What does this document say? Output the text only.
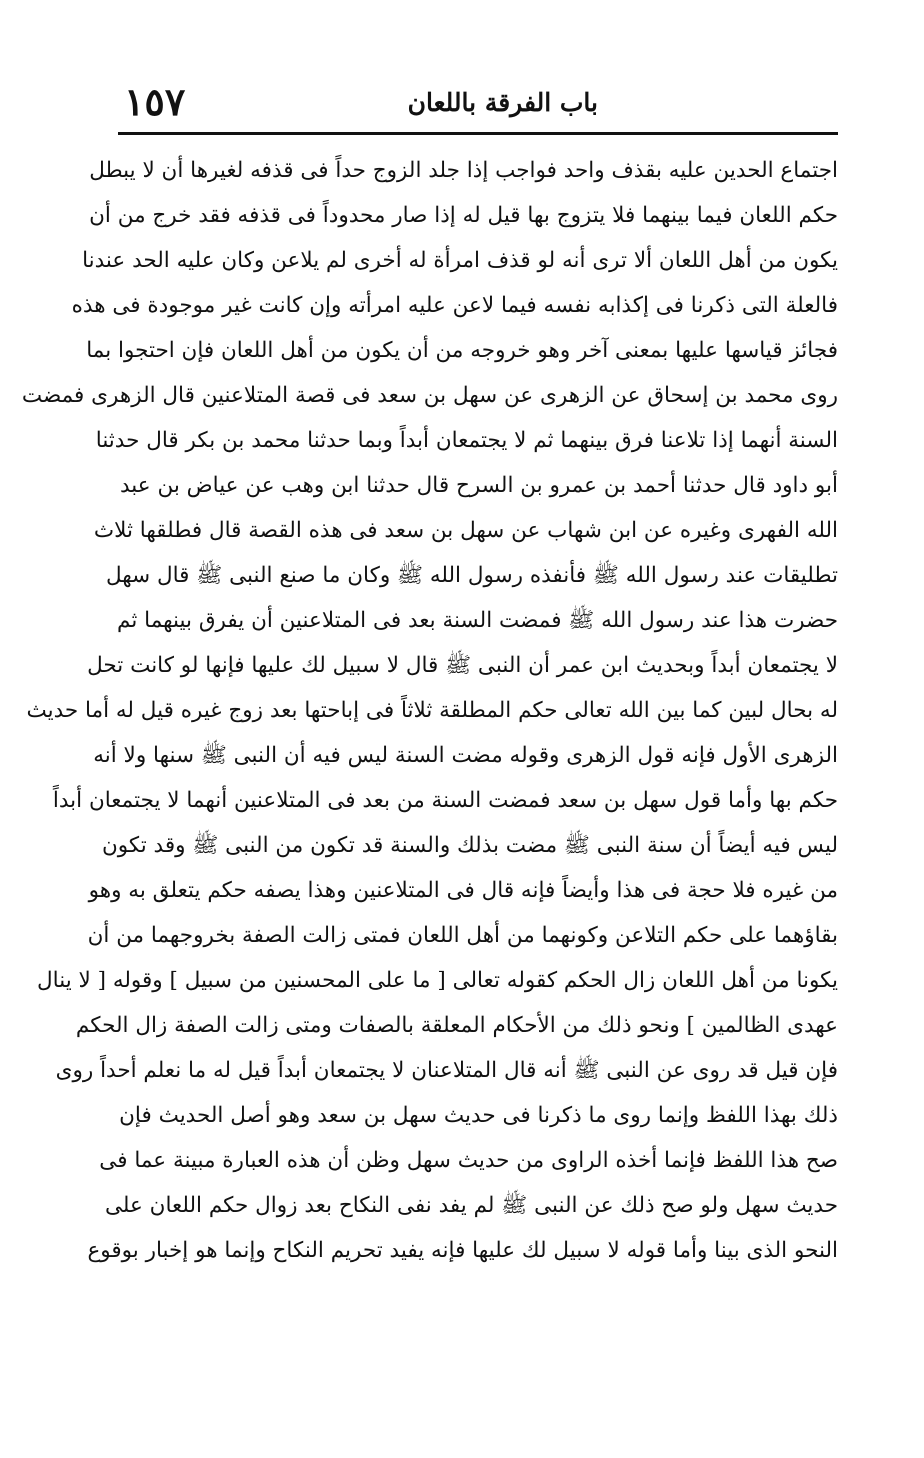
باب الفرقة باللعان
١٥٧
اجتماع الحدين عليه بقذف واحد فواجب إذا جلد الزوج حداً فى قذفه لغيرها أن لا يبطل
حكم اللعان فيما بينهما فلا يتزوج بها قيل له إذا صار محدوداً فى قذفه فقد خرج من أن
يكون من أهل اللعان ألا ترى أنه لو قذف امرأة له أخرى لم يلاعن وكان عليه الحد عندنا
فالعلة التى ذكرنا فى إكذابه نفسه فيما لاعن عليه امرأته وإن كانت غير موجودة فى هذه
فجائز قياسها عليها بمعنى آخر وهو خروجه من أن يكون من أهل اللعان فإن احتجوا بما
روى محمد بن إسحاق عن الزهرى عن سهل بن سعد فى قصة المتلاعنين قال الزهرى فمضت
السنة أنهما إذا تلاعنا فرق بينهما ثم لا يجتمعان أبداً وبما حدثنا محمد بن بكر قال حدثنا
أبو داود قال حدثنا أحمد بن عمرو بن السرح قال حدثنا ابن وهب عن عياض بن عبد
الله الفهرى وغيره عن ابن شهاب عن سهل بن سعد فى هذه القصة قال فطلقها ثلاث
تطليقات عند رسول الله ﷺ فأنفذه رسول الله ﷺ وكان ما صنع النبى ﷺ قال سهل
حضرت هذا عند رسول الله ﷺ فمضت السنة بعد فى المتلاعنين أن يفرق بينهما ثم
لا يجتمعان أبداً وبحديث ابن عمر أن النبى ﷺ قال لا سبيل لك عليها فإنها لو كانت تحل
له بحال لبين كما بين الله تعالى حكم المطلقة ثلاثاً فى إباحتها بعد زوج غيره قيل له أما حديث
الزهرى الأول فإنه قول الزهرى وقوله مضت السنة ليس فيه أن النبى ﷺ سنها ولا أنه
حكم بها وأما قول سهل بن سعد فمضت السنة من بعد فى المتلاعنين أنهما لا يجتمعان أبداً
ليس فيه أيضاً أن سنة النبى ﷺ مضت بذلك والسنة قد تكون من النبى ﷺ وقد تكون
من غيره فلا حجة فى هذا وأيضاً فإنه قال فى المتلاعنين وهذا يصفه حكم يتعلق به وهو
بقاؤهما على حكم التلاعن وكونهما من أهل اللعان فمتى زالت الصفة بخروجهما من أن
يكونا من أهل اللعان زال الحكم كقوله تعالى [ ما على المحسنين من سبيل ] وقوله [ لا ينال
عهدى الظالمين ] ونحو ذلك من الأحكام المعلقة بالصفات ومتى زالت الصفة زال الحكم
فإن قيل قد روى عن النبى ﷺ أنه قال المتلاعنان لا يجتمعان أبداً قيل له ما نعلم أحداً روى
ذلك بهذا اللفظ وإنما روى ما ذكرنا فى حديث سهل بن سعد وهو أصل الحديث فإن
صح هذا اللفظ فإنما أخذه الراوى من حديث سهل وظن أن هذه العبارة مبينة عما فى
حديث سهل ولو صح ذلك عن النبى ﷺ لم يفد نفى النكاح بعد زوال حكم اللعان على
النحو الذى بينا وأما قوله لا سبيل لك عليها فإنه يفيد تحريم النكاح وإنما هو إخبار بوقوع
